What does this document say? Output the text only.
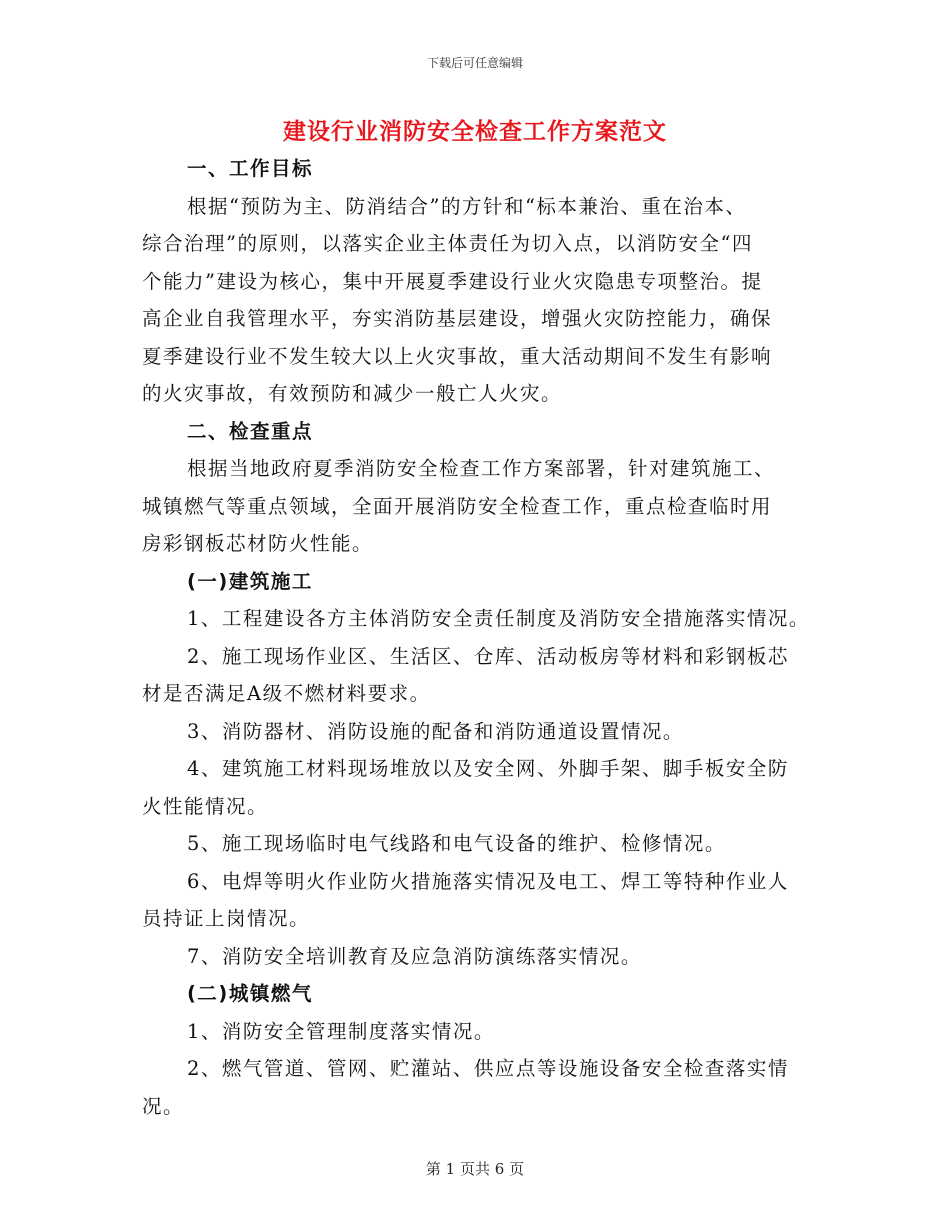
下载后可任意编辑
建设行业消防安全检查工作方案范文
一、工作目标
根据“预防为主、防消结合”的方针和“标本兼治、重在治本、
综合治理”的原则，以落实企业主体责任为切入点，以消防安全“四
个能力”建设为核心，集中开展夏季建设行业火灾隐患专项整治。提
高企业自我管理水平，夯实消防基层建设，增强火灾防控能力，确保
夏季建设行业不发生较大以上火灾事故，重大活动期间不发生有影响
的火灾事故，有效预防和减少一般亡人火灾。
二、检查重点
根据当地政府夏季消防安全检查工作方案部署，针对建筑施工、
城镇燃气等重点领域，全面开展消防安全检查工作，重点检查临时用
房彩钢板芯材防火性能。
(一)建筑施工
1、工程建设各方主体消防安全责任制度及消防安全措施落实情况。
2、施工现场作业区、生活区、仓库、活动板房等材料和彩钢板芯
材是否满足A级不燃材料要求。
3、消防器材、消防设施的配备和消防通道设置情况。
4、建筑施工材料现场堆放以及安全网、外脚手架、脚手板安全防
火性能情况。
5、施工现场临时电气线路和电气设备的维护、检修情况。
6、电焊等明火作业防火措施落实情况及电工、焊工等特种作业人
员持证上岗情况。
7、消防安全培训教育及应急消防演练落实情况。
(二)城镇燃气
1、消防安全管理制度落实情况。
2、燃气管道、管网、贮灌站、供应点等设施设备安全检查落实情
况。
第 1 页共 6 页
